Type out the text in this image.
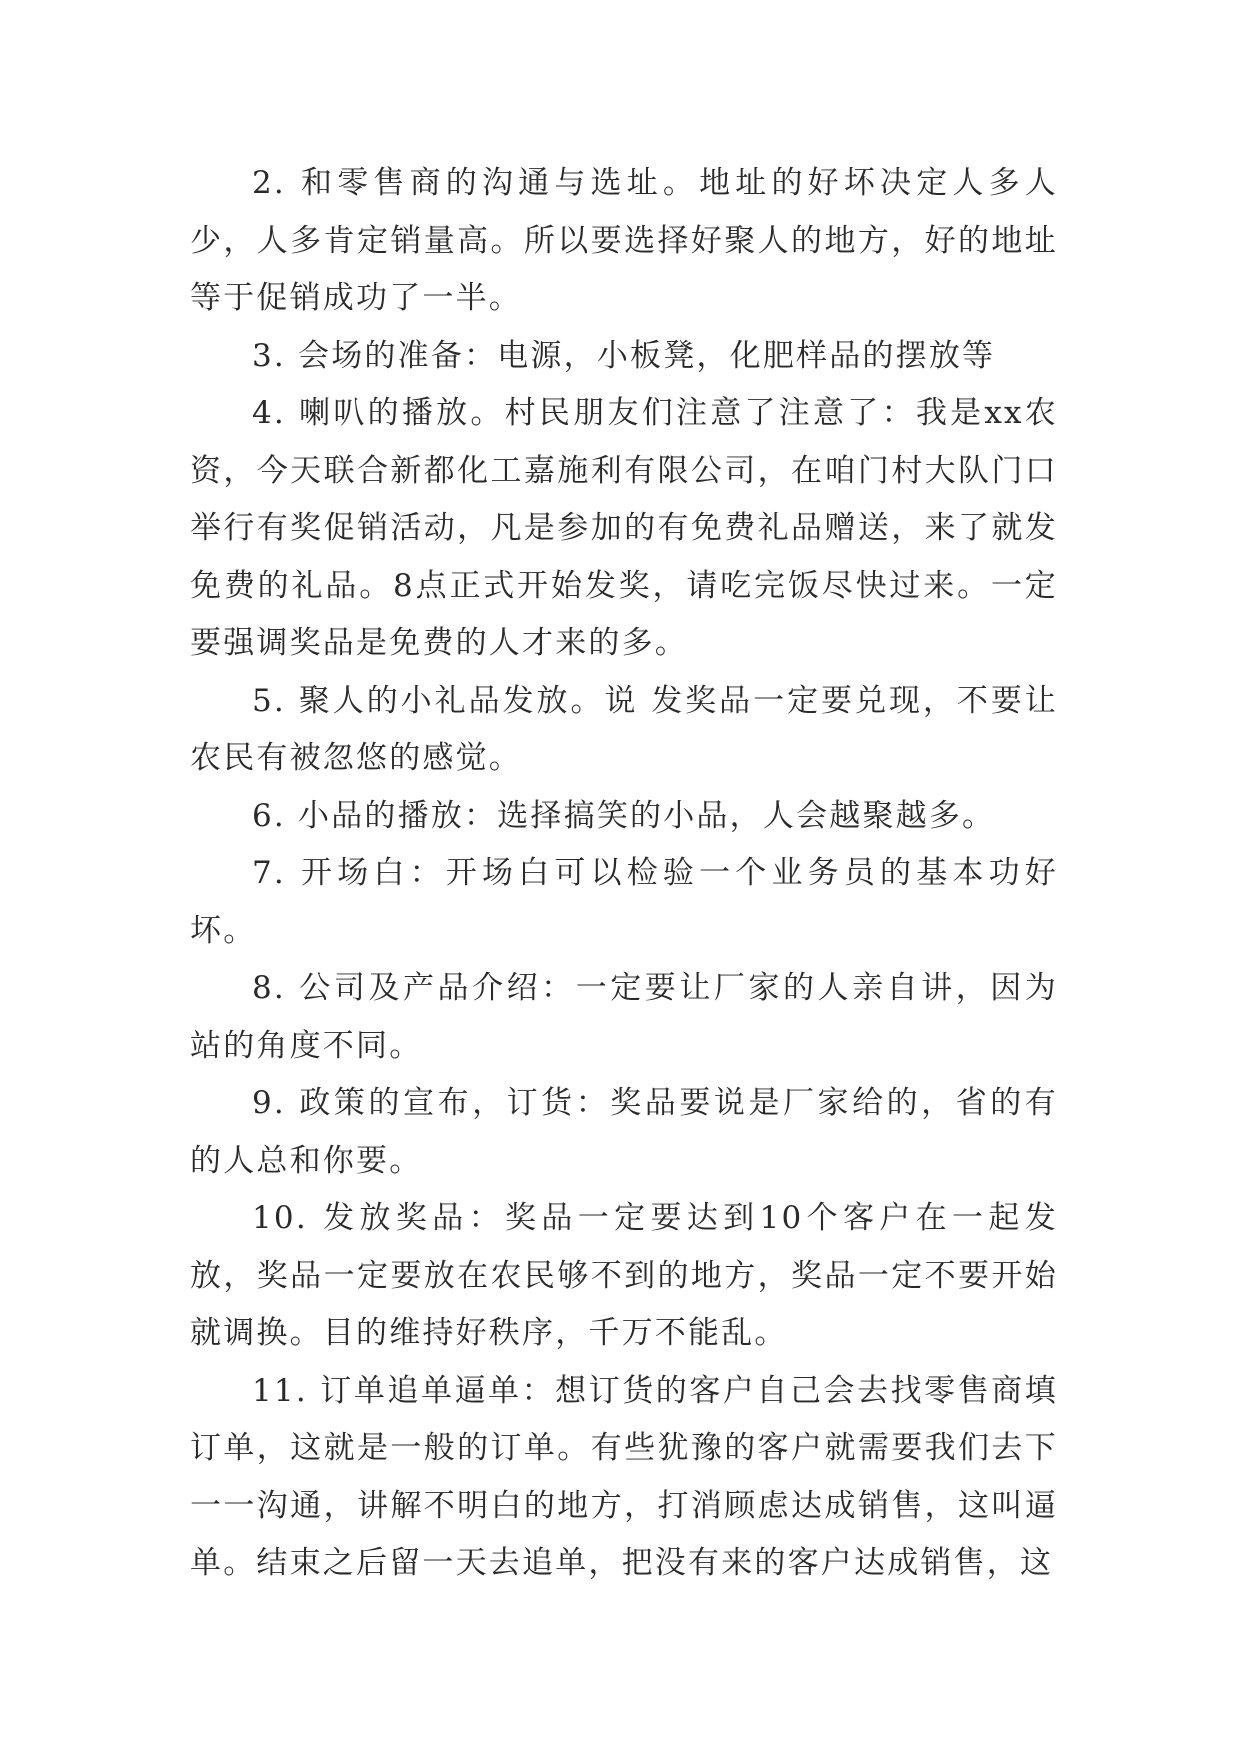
2. 和零售商的沟通与选址。地址的好坏决定人多人少，人多肯定销量高。所以要选择好聚人的地方，好的地址等于促销成功了一半。

3. 会场的准备：电源，小板凳，化肥样品的摆放等

4. 喇叭的播放。村民朋友们注意了注意了：我是xx农资，今天联合新都化工嘉施利有限公司，在咱门村大队门口举行有奖促销活动，凡是参加的有免费礼品赠送，来了就发免费的礼品。8点正式开始发奖，请吃完饭尽快过来。一定要强调奖品是免费的人才来的多。

5. 聚人的小礼品发放。说 发奖品一定要兑现，不要让农民有被忽悠的感觉。

6. 小品的播放：选择搞笑的小品，人会越聚越多。

7. 开场白：开场白可以检验一个业务员的基本功好坏。

8. 公司及产品介绍：一定要让厂家的人亲自讲，因为站的角度不同。

9. 政策的宣布，订货：奖品要说是厂家给的，省的有的人总和你要。

10. 发放奖品：奖品一定要达到10个客户在一起发放，奖品一定要放在农民够不到的地方，奖品一定不要开始就调换。目的维持好秩序，千万不能乱。

11. 订单追单逼单：想订货的客户自己会去找零售商填订单，这就是一般的订单。有些犹豫的客户就需要我们去下一一沟通，讲解不明白的地方，打消顾虑达成销售，这叫逼单。结束之后留一天去追单，把没有来的客户达成销售，这
